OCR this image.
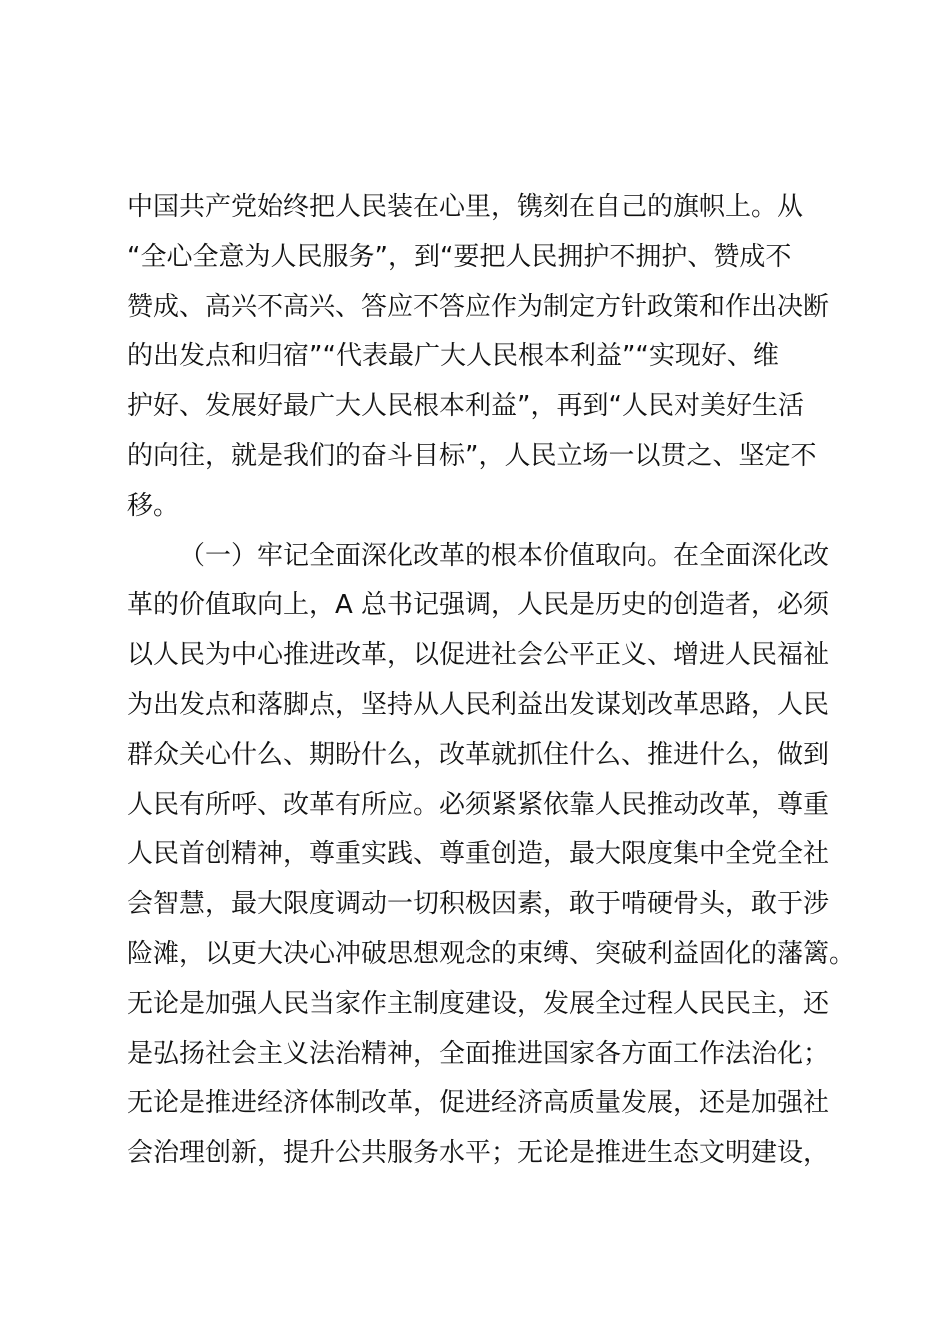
中国共产党始终把人民装在心里，镌刻在自己的旗帜上。从
“全心全意为人民服务”，到“要把人民拥护不拥护、赞成不
赞成、高兴不高兴、答应不答应作为制定方针政策和作出决断
的出发点和归宿”“代表最广大人民根本利益”“实现好、维
护好、发展好最广大人民根本利益”，再到“人民对美好生活
的向往，就是我们的奋斗目标”，人民立场一以贯之、坚定不
移。
（一）牢记全面深化改革的根本价值取向。在全面深化改
革的价值取向上，A 总书记强调，人民是历史的创造者，必须
以人民为中心推进改革，以促进社会公平正义、增进人民福祉
为出发点和落脚点，坚持从人民利益出发谋划改革思路，人民
群众关心什么、期盼什么，改革就抓住什么、推进什么，做到
人民有所呼、改革有所应。必须紧紧依靠人民推动改革，尊重
人民首创精神，尊重实践、尊重创造，最大限度集中全党全社
会智慧，最大限度调动一切积极因素，敢于啃硬骨头，敢于涉
险滩，以更大决心冲破思想观念的束缚、突破利益固化的藩篱。
无论是加强人民当家作主制度建设，发展全过程人民民主，还
是弘扬社会主义法治精神，全面推进国家各方面工作法治化；
无论是推进经济体制改革，促进经济高质量发展，还是加强社
会治理创新，提升公共服务水平；无论是推进生态文明建设，
